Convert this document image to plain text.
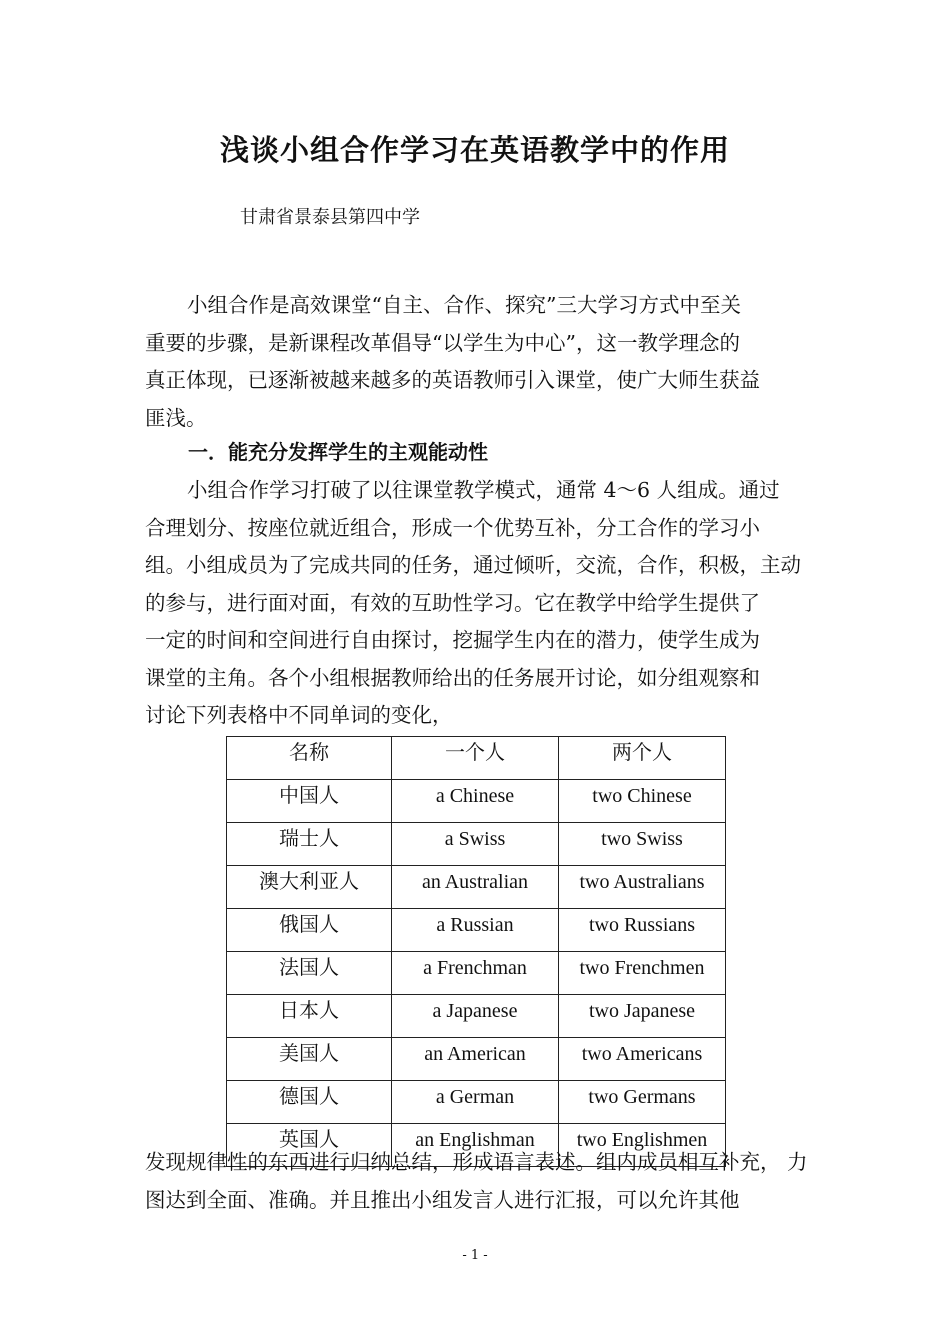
浅谈小组合作学习在英语教学中的作用
甘肃省景泰县第四中学
小组合作是高效课堂“自主、合作、探究”三大学习方式中至关
重要的步骤，是新课程改革倡导“以学生为中心”，这一教学理念的
真正体现，已逐渐被越来越多的英语教师引入课堂，使广大师生获益
匪浅。
一．能充分发挥学生的主观能动性
小组合作学习打破了以往课堂教学模式，通常 4～6 人组成。通过
合理划分、按座位就近组合，形成一个优势互补，分工合作的学习小
组。小组成员为了完成共同的任务，通过倾听，交流，合作，积极，主动
的参与，进行面对面，有效的互助性学习。它在教学中给学生提供了
一定的时间和空间进行自由探讨，挖掘学生内在的潜力，使学生成为
课堂的主角。各个小组根据教师给出的任务展开讨论，如分组观察和
讨论下列表格中不同单词的变化，
名称	一个人	两个人
中国人	a Chinese	two Chinese
瑞士人	a Swiss	two Swiss
澳大利亚人	an Australian	two Australians
俄国人	a Russian	two Russians
法国人	a Frenchman	two Frenchmen
日本人	a Japanese	two Japanese
美国人	an American	two Americans
德国人	a German	two Germans
英国人	an Englishman	two Englishmen
发现规律性的东西进行归纳总结，形成语言表述。组内成员相互补充， 力图达到全面、准确。并且推出小组发言人进行汇报，可以允许其他
- 1 -
